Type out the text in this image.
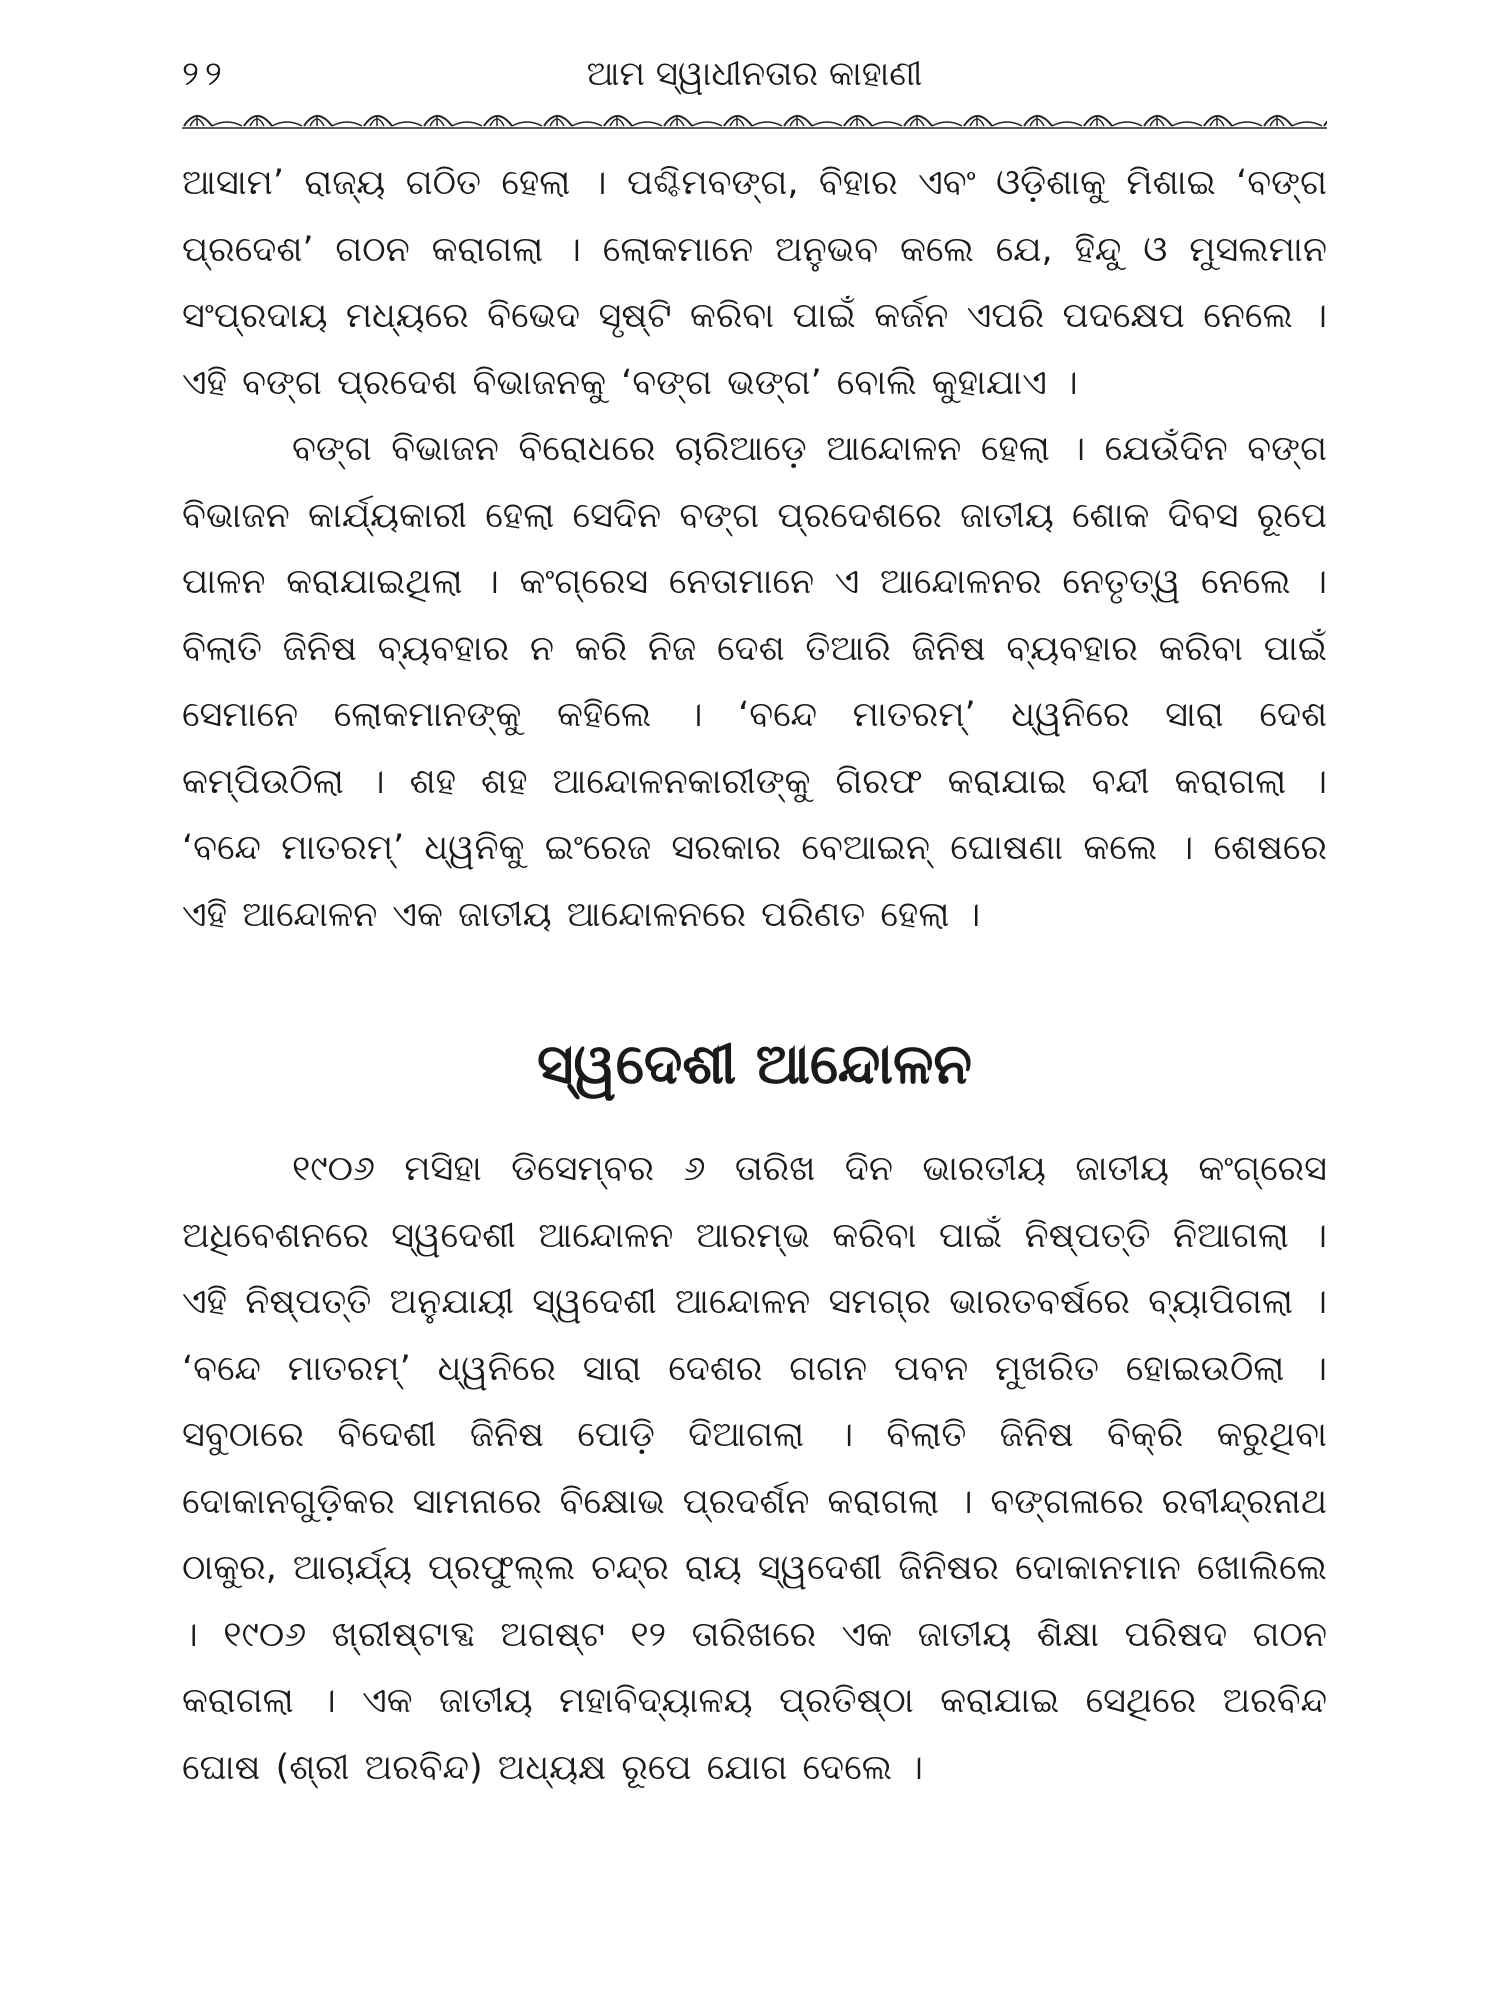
୨୨	ଆମ ସ୍ୱାଧୀନତାର କାହାଣୀ

ଆସାମ’ ରାଜ୍ୟ ଗଠିତ ହେଲା । ପଶ୍ଚିମବଙ୍ଗ, ବିହାର ଏବଂ ଓଡ଼ିଶାକୁ ମିଶାଇ ‘ବଙ୍ଗ ପ୍ରଦେଶ’ ଗଠନ କରାଗଲା । ଲୋକମାନେ ଅନୁଭବ କଲେ ଯେ, ହିନ୍ଦୁ ଓ ମୁସଲମାନ ସଂପ୍ରଦାୟ ମଧ୍ୟରେ ବିଭେଦ ସୃଷ୍ଟି କରିବା ପାଇଁ କର୍ଜନ ଏପରି ପଦକ୍ଷେପ ନେଲେ । ଏହି ବଙ୍ଗ ପ୍ରଦେଶ ବିଭାଜନକୁ ‘ବଙ୍ଗ ଭଙ୍ଗ’ ବୋଲି କୁହାଯାଏ ।

ବଙ୍ଗ ବିଭାଜନ ବିରୋଧରେ ଚାରିଆଡ଼େ ଆନ୍ଦୋଳନ ହେଲା । ଯେଉଁଦିନ ବଙ୍ଗ ବିଭାଜନ କାର୍ଯ୍ୟକାରୀ ହେଲା ସେଦିନ ବଙ୍ଗ ପ୍ରଦେଶରେ ଜାତୀୟ ଶୋକ ଦିବସ ରୂପେ ପାଳନ କରାଯାଇଥିଲା । କଂଗ୍ରେସ ନେତାମାନେ ଏ ଆନ୍ଦୋଳନର ନେତୃତ୍ୱ ନେଲେ । ବିଲାତି ଜିନିଷ ବ୍ୟବହାର ନ କରି ନିଜ ଦେଶ ତିଆରି ଜିନିଷ ବ୍ୟବହାର କରିବା ପାଇଁ ସେମାନେ ଲୋକମାନଙ୍କୁ କହିଲେ । ‘ବନ୍ଦେ ମାତରମ୍’ ଧ୍ୱନିରେ ସାରା ଦେଶ କମ୍ପିଉଠିଲା । ଶହ ଶହ ଆନ୍ଦୋଳନକାରୀଙ୍କୁ ଗିରଫ କରାଯାଇ ବନ୍ଦୀ କରାଗଲା । ‘ବନ୍ଦେ ମାତରମ୍’ ଧ୍ୱନିକୁ ଇଂରେଜ ସରକାର ବେଆଇନ୍ ଘୋଷଣା କଲେ । ଶେଷରେ ଏହି ଆନ୍ଦୋଳନ ଏକ ଜାତୀୟ ଆନ୍ଦୋଳନରେ ପରିଣତ ହେଲା ।

ସ୍ୱଦେଶୀ ଆନ୍ଦୋଳନ

୧୯୦୬ ମସିହା ଡିସେମ୍ବର ୬ ତାରିଖ ଦିନ ଭାରତୀୟ ଜାତୀୟ କଂଗ୍ରେସ ଅଧିବେଶନରେ ସ୍ୱଦେଶୀ ଆନ୍ଦୋଳନ ଆରମ୍ଭ କରିବା ପାଇଁ ନିଷ୍ପତ୍ତି ନିଆଗଲା । ଏହି ନିଷ୍ପତ୍ତି ଅନୁଯାୟୀ ସ୍ୱଦେଶୀ ଆନ୍ଦୋଳନ ସମଗ୍ର ଭାରତବର୍ଷରେ ବ୍ୟାପିଗଲା । ‘ବନ୍ଦେ ମାତରମ୍’ ଧ୍ୱନିରେ ସାରା ଦେଶର ଗଗନ ପବନ ମୁଖରିତ ହୋଇଉଠିଲା । ସବୁଠାରେ ବିଦେଶୀ ଜିନିଷ ପୋଡ଼ି ଦିଆଗଲା । ବିଲାତି ଜିନିଷ ବିକ୍ରି କରୁଥିବା ଦୋକାନଗୁଡ଼ିକର ସାମନାରେ ବିକ୍ଷୋଭ ପ୍ରଦର୍ଶନ କରାଗଲା । ବଙ୍ଗଳାରେ ରବୀନ୍ଦ୍ରନାଥ ଠାକୁର, ଆଚାର୍ଯ୍ୟ ପ୍ରଫୁଲ୍ଲ ଚନ୍ଦ୍ର ରାୟ ସ୍ୱଦେଶୀ ଜିନିଷର ଦୋକାନମାନ ଖୋଲିଲେ । ୧୯୦୬ ଖ୍ରୀଷ୍ଟାବ୍ଦ ଅଗଷ୍ଟ ୧୨ ତାରିଖରେ ଏକ ଜାତୀୟ ଶିକ୍ଷା ପରିଷଦ ଗଠନ କରାଗଲା । ଏକ ଜାତୀୟ ମହାବିଦ୍ୟାଳୟ ପ୍ରତିଷ୍ଠା କରାଯାଇ ସେଥିରେ ଅରବିନ୍ଦ ଘୋଷ (ଶ୍ରୀ ଅରବିନ୍ଦ) ଅଧ୍ୟକ୍ଷ ରୂପେ ଯୋଗ ଦେଲେ ।
